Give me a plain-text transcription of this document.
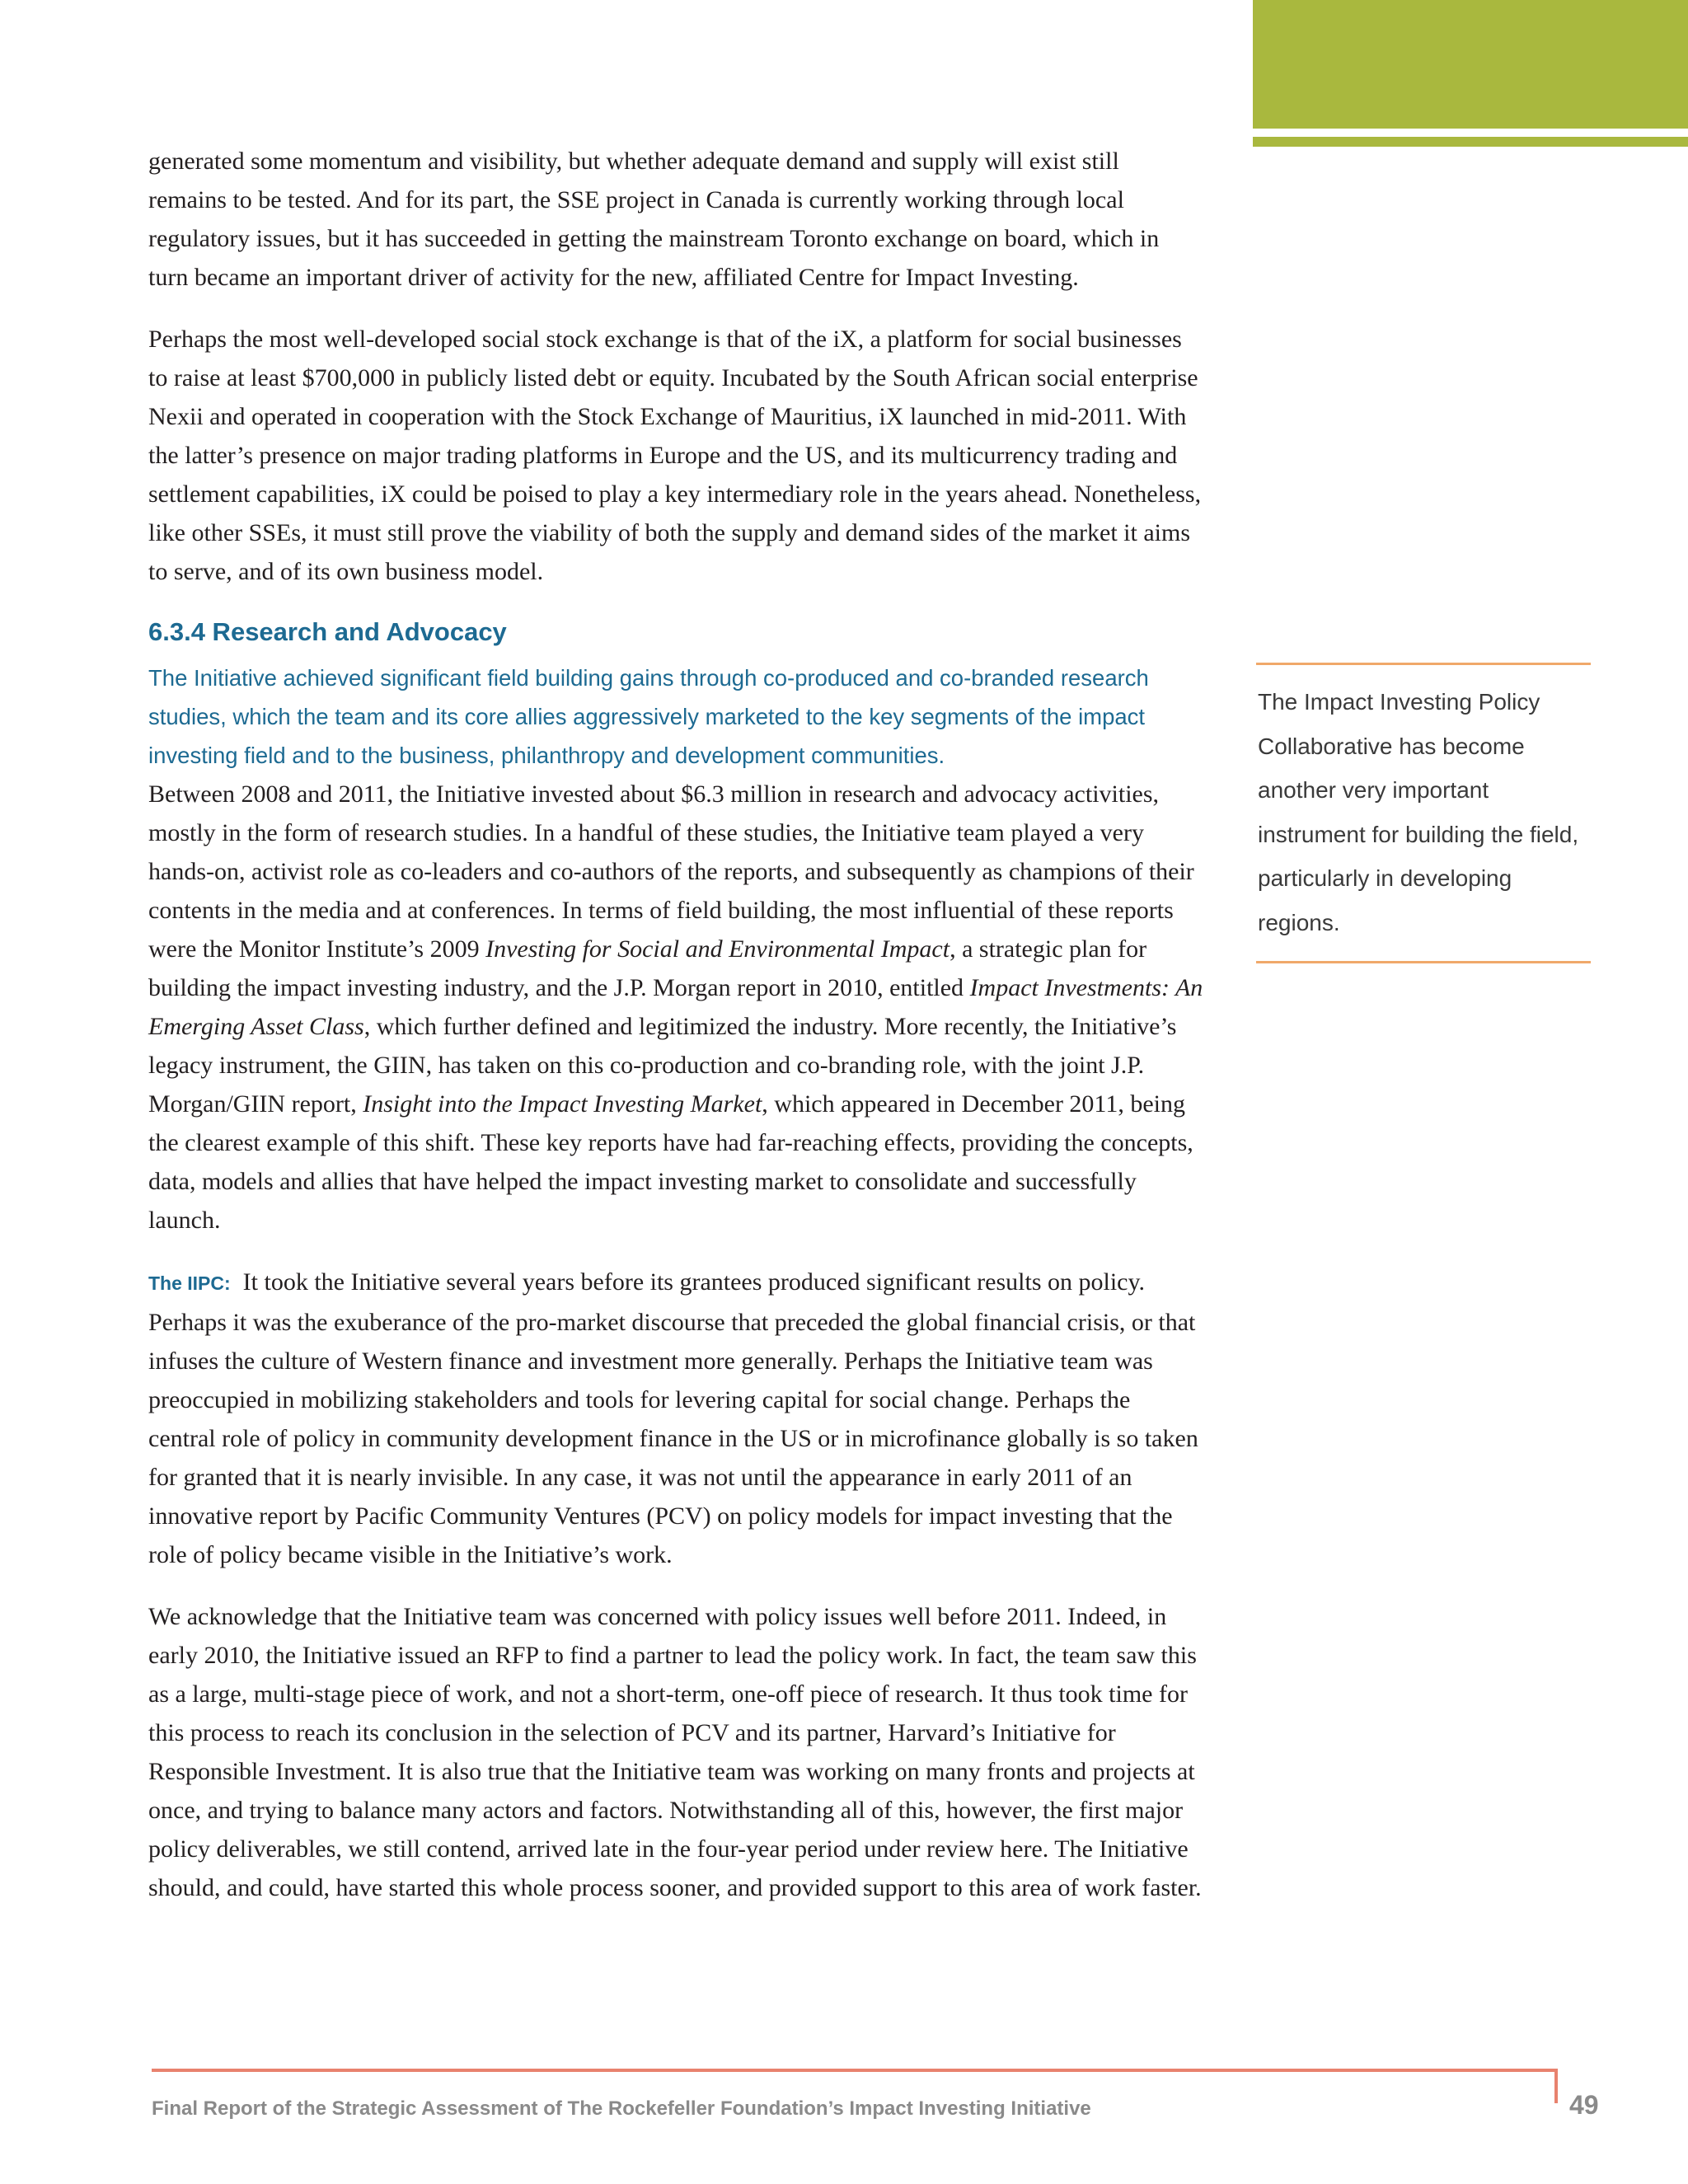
generated some momentum and visibility, but whether adequate demand and supply will exist still remains to be tested. And for its part, the SSE project in Canada is currently working through local regulatory issues, but it has succeeded in getting the mainstream Toronto exchange on board, which in turn became an important driver of activity for the new, affiliated Centre for Impact Investing.

Perhaps the most well-developed social stock exchange is that of the iX, a platform for social businesses to raise at least $700,000 in publicly listed debt or equity. Incubated by the South African social enterprise Nexii and operated in cooperation with the Stock Exchange of Mauritius, iX launched in mid-2011. With the latter’s presence on major trading platforms in Europe and the US, and its multicurrency trading and settlement capabilities, iX could be poised to play a key intermediary role in the years ahead. Nonetheless, like other SSEs, it must still prove the viability of both the supply and demand sides of the market it aims to serve, and of its own business model.

6.3.4 Research and Advocacy

The Initiative achieved significant field building gains through co-produced and co-branded research studies, which the team and its core allies aggressively marketed to the key segments of the impact investing field and to the business, philanthropy and development communities.

Between 2008 and 2011, the Initiative invested about $6.3 million in research and advocacy activities, mostly in the form of research studies. In a handful of these studies, the Initiative team played a very hands-on, activist role as co-leaders and co-authors of the reports, and subsequently as champions of their contents in the media and at conferences. In terms of field building, the most influential of these reports were the Monitor Institute’s 2009 Investing for Social and Environmental Impact, a strategic plan for building the impact investing industry, and the J.P. Morgan report in 2010, entitled Impact Investments: An Emerging Asset Class, which further defined and legitimized the industry. More recently, the Initiative’s legacy instrument, the GIIN, has taken on this co-production and co-branding role, with the joint J.P. Morgan/GIIN report, Insight into the Impact Investing Market, which appeared in December 2011, being the clearest example of this shift. These key reports have had far-reaching effects, providing the concepts, data, models and allies that have helped the impact investing market to consolidate and successfully launch.

The IIPC: It took the Initiative several years before its grantees produced significant results on policy. Perhaps it was the exuberance of the pro-market discourse that preceded the global financial crisis, or that infuses the culture of Western finance and investment more generally. Perhaps the Initiative team was preoccupied in mobilizing stakeholders and tools for levering capital for social change. Perhaps the central role of policy in community development finance in the US or in microfinance globally is so taken for granted that it is nearly invisible. In any case, it was not until the appearance in early 2011 of an innovative report by Pacific Community Ventures (PCV) on policy models for impact investing that the role of policy became visible in the Initiative’s work.

We acknowledge that the Initiative team was concerned with policy issues well before 2011. Indeed, in early 2010, the Initiative issued an RFP to find a partner to lead the policy work. In fact, the team saw this as a large, multi-stage piece of work, and not a short-term, one-off piece of research. It thus took time for this process to reach its conclusion in the selection of PCV and its partner, Harvard’s Initiative for Responsible Investment. It is also true that the Initiative team was working on many fronts and projects at once, and trying to balance many actors and factors. Notwithstanding all of this, however, the first major policy deliverables, we still contend, arrived late in the four-year period under review here. The Initiative should, and could, have started this whole process sooner, and provided support to this area of work faster.

The Impact Investing Policy Collaborative has become another very important instrument for building the field, particularly in developing regions.

Final Report of the Strategic Assessment of The Rockefeller Foundation’s Impact Investing Initiative	49
